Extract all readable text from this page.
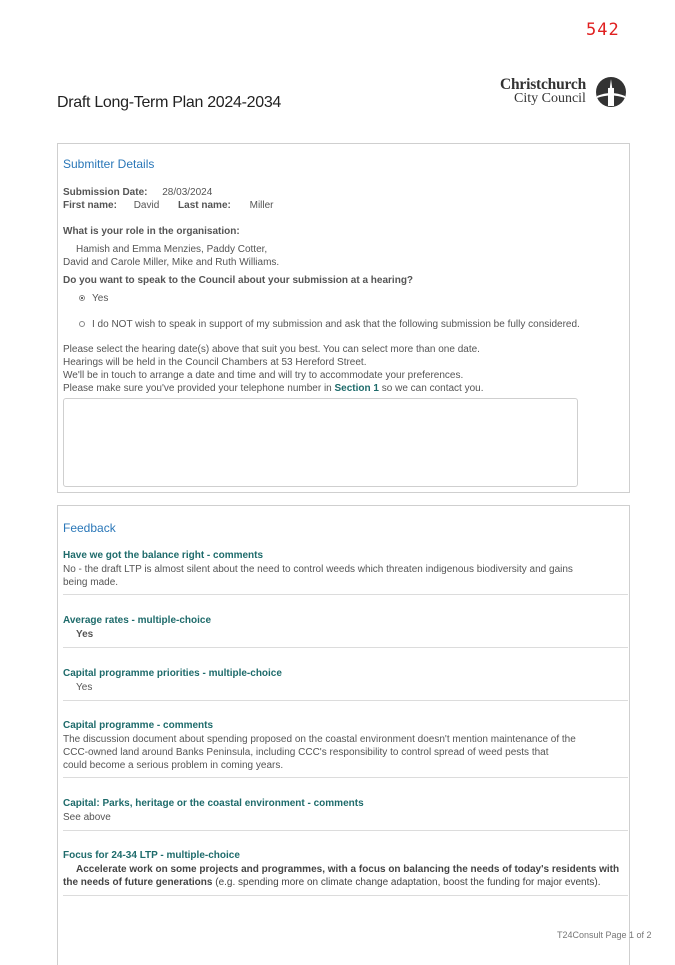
542
Draft Long-Term Plan 2024-2034
Christchurch
City Council
Submitter Details
Submission Date: 28/03/2024
First name: David Last name: Miller
What is your role in the organisation:
Hamish and Emma Menzies, Paddy Cotter,
David and Carole Miller, Mike and Ruth Williams.
Do you want to speak to the Council about your submission at a hearing?
Yes
I do NOT wish to speak in support of my submission and ask that the following submission be fully considered.
Please select the hearing date(s) above that suit you best. You can select more than one date.
Hearings will be held in the Council Chambers at 53 Hereford Street.
We'll be in touch to arrange a date and time and will try to accommodate your preferences.
Please make sure you've provided your telephone number in Section 1 so we can contact you.
Feedback
Have we got the balance right - comments
No - the draft LTP is almost silent about the need to control weeds which threaten indigenous biodiversity and gains
being made.
Average rates - multiple-choice
Yes
Capital programme priorities - multiple-choice
Yes
Capital programme - comments
The discussion document about spending proposed on the coastal environment doesn't mention maintenance of the
CCC-owned land around Banks Peninsula, including CCC's responsibility to control spread of weed pests that
could become a serious problem in coming years.
Capital: Parks, heritage or the coastal environment - comments
See above
Focus for 24-34 LTP - multiple-choice
Accelerate work on some projects and programmes, with a focus on balancing the needs of today's residents with
the needs of future generations (e.g. spending more on climate change adaptation, boost the funding for major events).
T24Consult Page 1 of 2
